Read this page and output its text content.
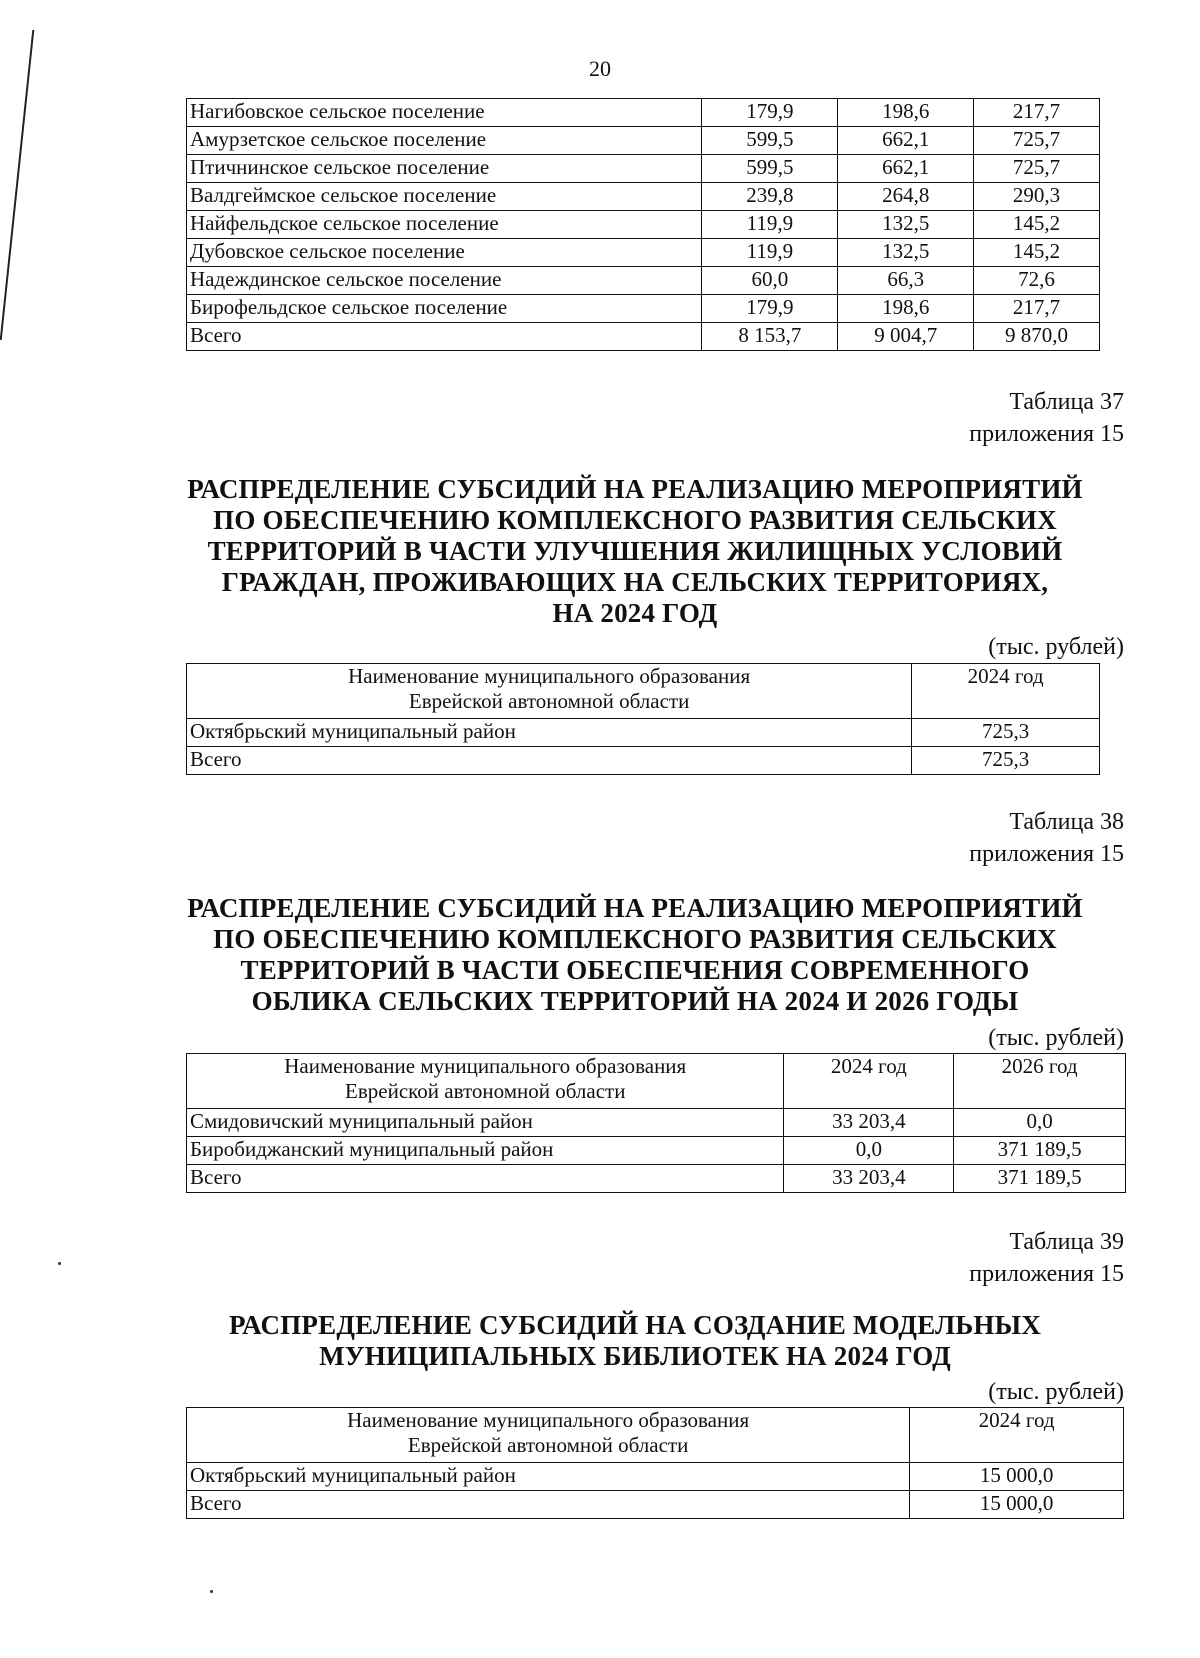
20
Нагибовское сельское поселение	179,9	198,6	217,7
Амурзетское сельское поселение	599,5	662,1	725,7
Птичнинское сельское поселение	599,5	662,1	725,7
Валдгеймское сельское поселение	239,8	264,8	290,3
Найфельдское сельское поселение	119,9	132,5	145,2
Дубовское сельское поселение	119,9	132,5	145,2
Надеждинское сельское поселение	60,0	66,3	72,6
Бирофельдское сельское поселение	179,9	198,6	217,7
Всего	8 153,7	9 004,7	9 870,0
Таблица 37
приложения 15
РАСПРЕДЕЛЕНИЕ СУБСИДИЙ НА РЕАЛИЗАЦИЮ МЕРОПРИЯТИЙ
ПО ОБЕСПЕЧЕНИЮ КОМПЛЕКСНОГО РАЗВИТИЯ СЕЛЬСКИХ
ТЕРРИТОРИЙ В ЧАСТИ УЛУЧШЕНИЯ ЖИЛИЩНЫХ УСЛОВИЙ
ГРАЖДАН, ПРОЖИВАЮЩИХ НА СЕЛЬСКИХ ТЕРРИТОРИЯХ,
НА 2024 ГОД
(тыс. рублей)
Наименование муниципального образования
Еврейской автономной области	2024 год
Октябрьский муниципальный район	725,3
Всего	725,3
Таблица 38
приложения 15
РАСПРЕДЕЛЕНИЕ СУБСИДИЙ НА РЕАЛИЗАЦИЮ МЕРОПРИЯТИЙ
ПО ОБЕСПЕЧЕНИЮ КОМПЛЕКСНОГО РАЗВИТИЯ СЕЛЬСКИХ
ТЕРРИТОРИЙ В ЧАСТИ ОБЕСПЕЧЕНИЯ СОВРЕМЕННОГО
ОБЛИКА СЕЛЬСКИХ ТЕРРИТОРИЙ НА 2024 И 2026 ГОДЫ
(тыс. рублей)
Наименование муниципального образования
Еврейской автономной области	2024 год	2026 год
Смидовичский муниципальный район	33 203,4	0,0
Биробиджанский муниципальный район	0,0	371 189,5
Всего	33 203,4	371 189,5
Таблица 39
приложения 15
РАСПРЕДЕЛЕНИЕ СУБСИДИЙ НА СОЗДАНИЕ МОДЕЛЬНЫХ
МУНИЦИПАЛЬНЫХ БИБЛИОТЕК НА 2024 ГОД
(тыс. рублей)
Наименование муниципального образования
Еврейской автономной области	2024 год
Октябрьский муниципальный район	15 000,0
Всего	15 000,0
